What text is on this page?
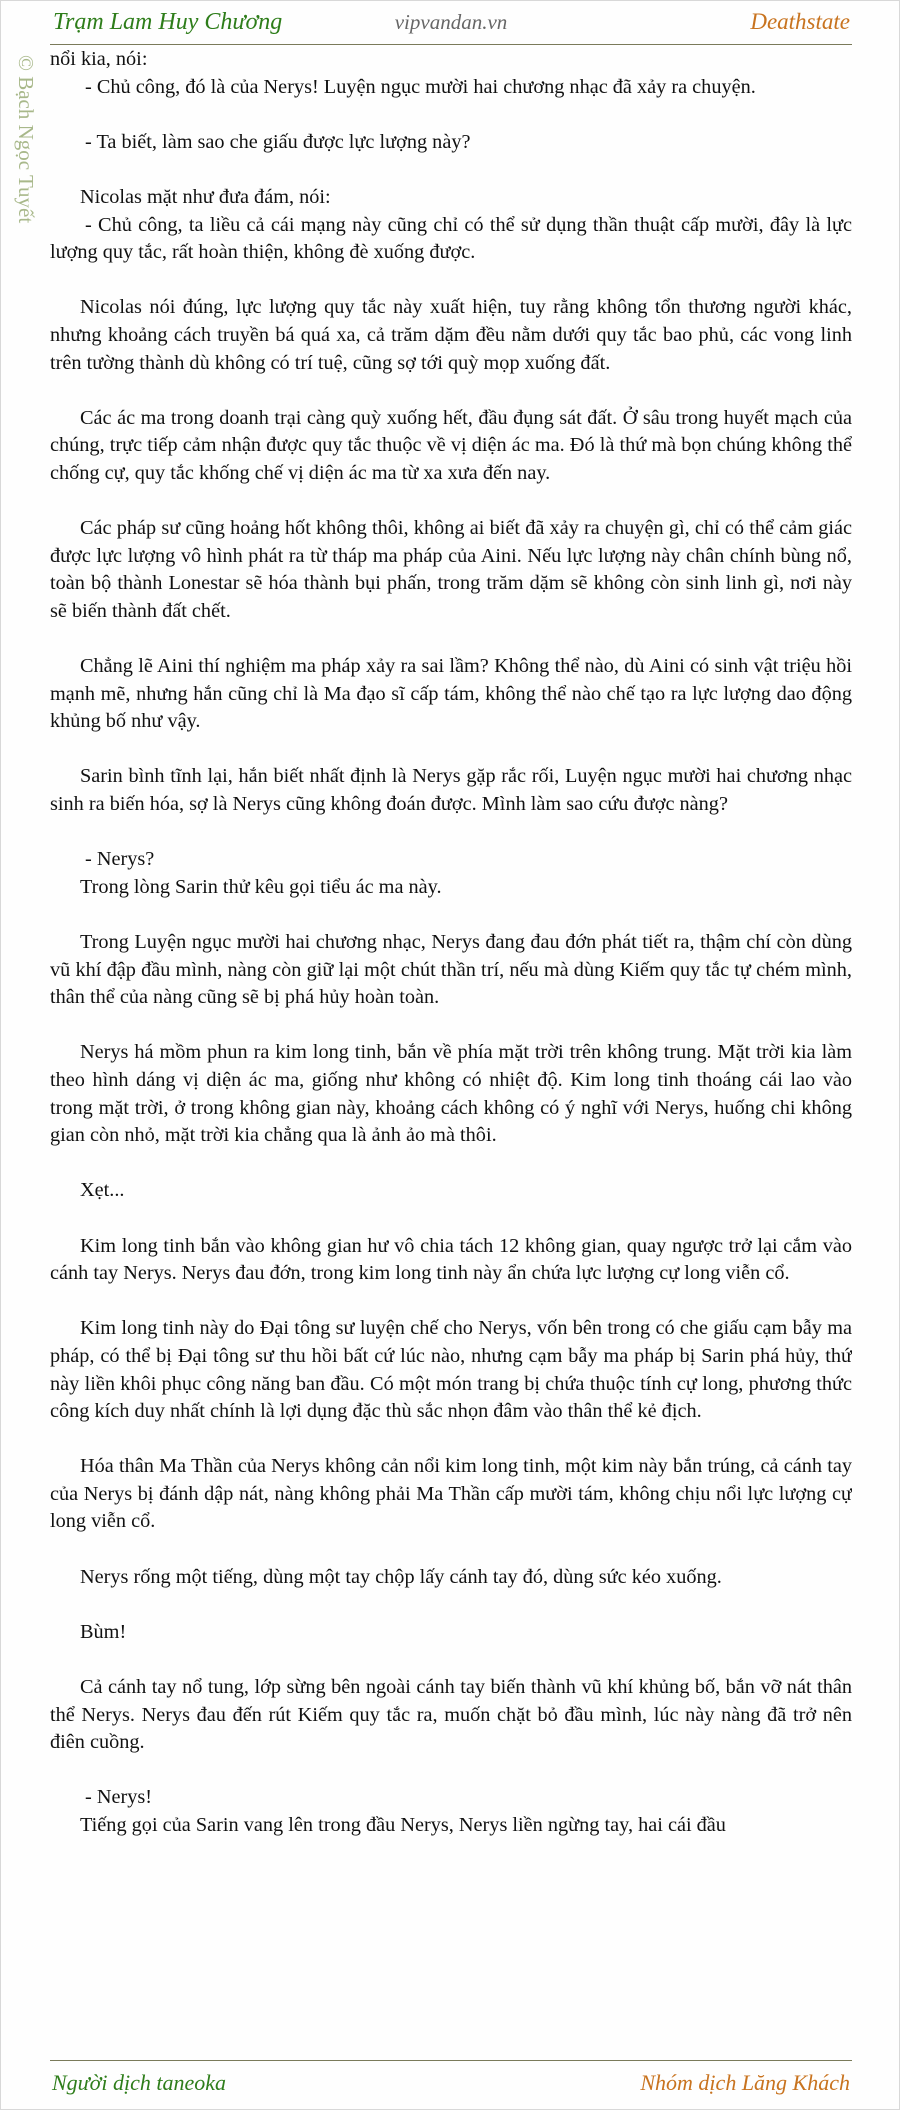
Trạm Lam Huy Chương	vipvandan.vn	Deathstate
© Bạch Ngọc Tuyết nổi kia, nói:

- Chủ công, đó là của Nerys! Luyện ngục mười hai chương nhạc đã xảy ra chuyện.

- Ta biết, làm sao che giấu được lực lượng này?

Nicolas mặt như đưa đám, nói:

- Chủ công, ta liều cả cái mạng này cũng chỉ có thể sử dụng thần thuật cấp mười, đây là lực lượng quy tắc, rất hoàn thiện, không đè xuống được.

Nicolas nói đúng, lực lượng quy tắc này xuất hiện, tuy rằng không tổn thương người khác, nhưng khoảng cách truyền bá quá xa, cả trăm dặm đều nằm dưới quy tắc bao phủ, các vong linh trên tường thành dù không có trí tuệ, cũng sợ tới quỳ mọp xuống đất.

Các ác ma trong doanh trại càng quỳ xuống hết, đầu đụng sát đất. Ở sâu trong huyết mạch của chúng, trực tiếp cảm nhận được quy tắc thuộc về vị diện ác ma. Đó là thứ mà bọn chúng không thể chống cự, quy tắc khống chế vị diện ác ma từ xa xưa đến nay.

Các pháp sư cũng hoảng hốt không thôi, không ai biết đã xảy ra chuyện gì, chỉ có thể cảm giác được lực lượng vô hình phát ra từ tháp ma pháp của Aini. Nếu lực lượng này chân chính bùng nổ, toàn bộ thành Lonestar sẽ hóa thành bụi phấn, trong trăm dặm sẽ không còn sinh linh gì, nơi này sẽ biến thành đất chết.

Chẳng lẽ Aini thí nghiệm ma pháp xảy ra sai lầm? Không thể nào, dù Aini có sinh vật triệu hồi mạnh mẽ, nhưng hắn cũng chỉ là Ma đạo sĩ cấp tám, không thể nào chế tạo ra lực lượng dao động khủng bố như vậy.

Sarin bình tĩnh lại, hắn biết nhất định là Nerys gặp rắc rối, Luyện ngục mười hai chương nhạc sinh ra biến hóa, sợ là Nerys cũng không đoán được. Mình làm sao cứu được nàng?

- Nerys?

Trong lòng Sarin thử kêu gọi tiểu ác ma này.

Trong Luyện ngục mười hai chương nhạc, Nerys đang đau đớn phát tiết ra, thậm chí còn dùng vũ khí đập đầu mình, nàng còn giữ lại một chút thần trí, nếu mà dùng Kiếm quy tắc tự chém mình, thân thể của nàng cũng sẽ bị phá hủy hoàn toàn.

Nerys há mồm phun ra kim long tinh, bắn về phía mặt trời trên không trung. Mặt trời kia làm theo hình dáng vị diện ác ma, giống như không có nhiệt độ. Kim long tinh thoáng cái lao vào trong mặt trời, ở trong không gian này, khoảng cách không có ý nghĩ với Nerys, huống chi không gian còn nhỏ, mặt trời kia chẳng qua là ảnh ảo mà thôi.

Xẹt...

Kim long tinh bắn vào không gian hư vô chia tách 12 không gian, quay ngược trở lại cắm vào cánh tay Nerys. Nerys đau đớn, trong kim long tinh này ẩn chứa lực lượng cự long viễn cổ.

Kim long tinh này do Đại tông sư luyện chế cho Nerys, vốn bên trong có che giấu cạm bẫy ma pháp, có thể bị Đại tông sư thu hồi bất cứ lúc nào, nhưng cạm bẫy ma pháp bị Sarin phá hủy, thứ này liền khôi phục công năng ban đầu. Có một món trang bị chứa thuộc tính cự long, phương thức công kích duy nhất chính là lợi dụng đặc thù sắc nhọn đâm vào thân thể kẻ địch.

Hóa thân Ma Thần của Nerys không cản nổi kim long tinh, một kim này bắn trúng, cả cánh tay của Nerys bị đánh dập nát, nàng không phải Ma Thần cấp mười tám, không chịu nổi lực lượng cự long viễn cổ.

Nerys rống một tiếng, dùng một tay chộp lấy cánh tay đó, dùng sức kéo xuống.

Bùm!

Cả cánh tay nổ tung, lớp sừng bên ngoài cánh tay biến thành vũ khí khủng bố, bắn vỡ nát thân thể Nerys. Nerys đau đến rút Kiếm quy tắc ra, muốn chặt bỏ đầu mình, lúc này nàng đã trở nên điên cuồng.

- Nerys!

Tiếng gọi của Sarin vang lên trong đầu Nerys, Nerys liền ngừng tay, hai cái đầu

Người dịch taneoka	Nhóm dịch Lăng Khách
